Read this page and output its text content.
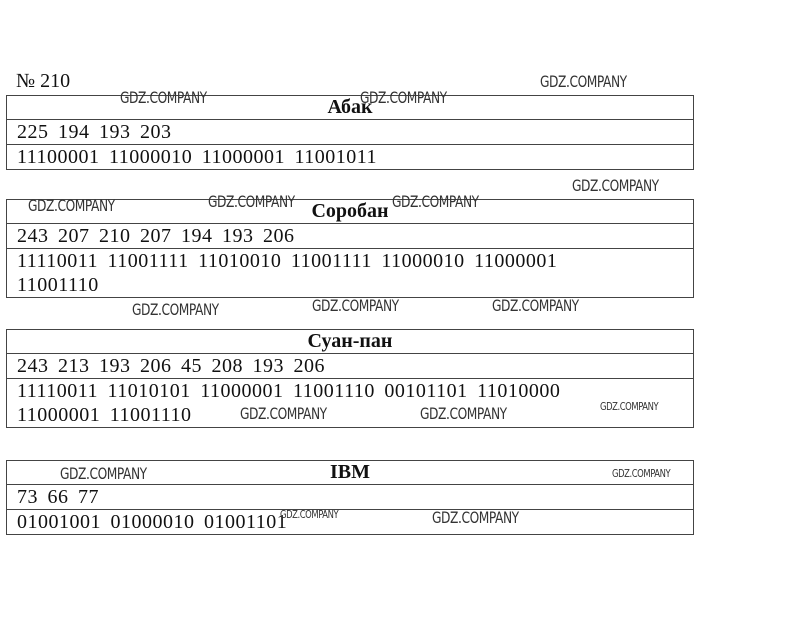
№ 210
Абак
225 194 193 203
11100001 11000010 11000001 11001011
Соробан
243 207 210 207 194 193 206
11110011 11001111 11010010 11001111 11000010 11000001
11001110
Суан-пан
243 213 193 206 45 208 193 206
11110011 11010101 11000001 11001110 00101101 11010000
11000001 11001110
IBM
73 66 77
01001001 01000010 01001101
GDZ.COMPANY	GDZ.COMPANY
GDZ.COMPANY
GDZ.COMPANY
GDZ.COMPANY	GDZ.COMPANY	GDZ.COMPANY
GDZ.COMPANY	GDZ.COMPANY	GDZ.COMPANY
GDZ.COMPANY	GDZ.COMPANY	GDZ.COMPANY
GDZ.COMPANY	GDZ.COMPANY
GDZ.COMPANY	GDZ.COMPANY
